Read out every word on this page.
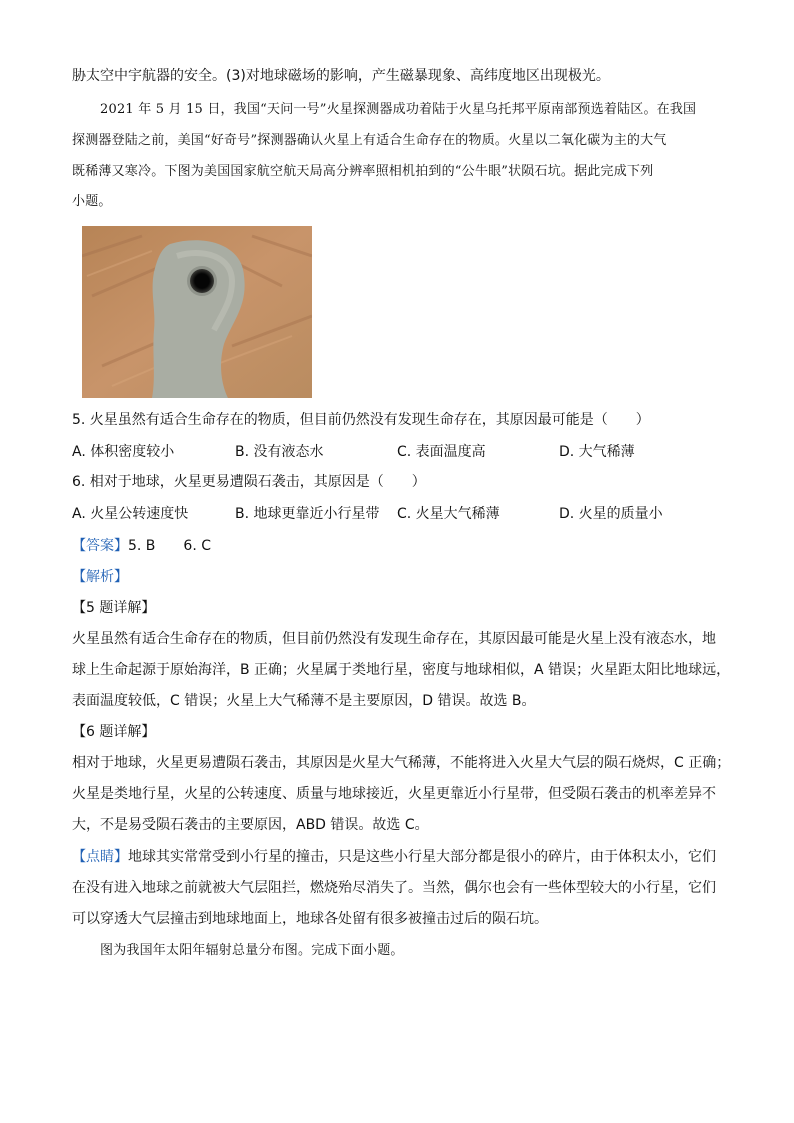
胁太空中宇航器的安全。(3)对地球磁场的影响，产生磁暴现象、高纬度地区出现极光。
2021 年 5 月 15 日，我国“天问一号”火星探测器成功着陆于火星乌托邦平原南部预选着陆区。在我国
探测器登陆之前，美国“好奇号”探测器确认火星上有适合生命存在的物质。火星以二氧化碳为主的大气
既稀薄又寒冷。下图为美国国家航空航天局高分辨率照相机拍到的“公牛眼”状陨石坑。据此完成下列
小题。
5. 火星虽然有适合生命存在的物质，但目前仍然没有发现生命存在，其原因最可能是（　　）
A. 体积密度较小	B. 没有液态水	C. 表面温度高	D. 大气稀薄
6. 相对于地球，火星更易遭陨石袭击，其原因是（　　）
A. 火星公转速度快	B. 地球更靠近小行星带 C. 火星大气稀薄	D. 火星的质量小
【答案】5. B　　6. C
【解析】
【5 题详解】
火星虽然有适合生命存在的物质，但目前仍然没有发现生命存在，其原因最可能是火星上没有液态水，地
球上生命起源于原始海洋，B 正确；火星属于类地行星，密度与地球相似，A 错误；火星距太阳比地球远，
表面温度较低，C 错误；火星上大气稀薄不是主要原因，D 错误。故选 B。
【6 题详解】
相对于地球，火星更易遭陨石袭击，其原因是火星大气稀薄，不能将进入火星大气层的陨石烧烬，C 正确；
火星是类地行星，火星的公转速度、质量与地球接近，火星更靠近小行星带，但受陨石袭击的机率差异不
大，不是易受陨石袭击的主要原因，ABD 错误。故选 C。
【点睛】地球其实常常受到小行星的撞击，只是这些小行星大部分都是很小的碎片，由于体积太小，它们
在没有进入地球之前就被大气层阻拦，燃烧殆尽消失了。当然，偶尔也会有一些体型较大的小行星，它们
可以穿透大气层撞击到地球地面上，地球各处留有很多被撞击过后的陨石坑。
图为我国年太阳年辐射总量分布图。完成下面小题。
